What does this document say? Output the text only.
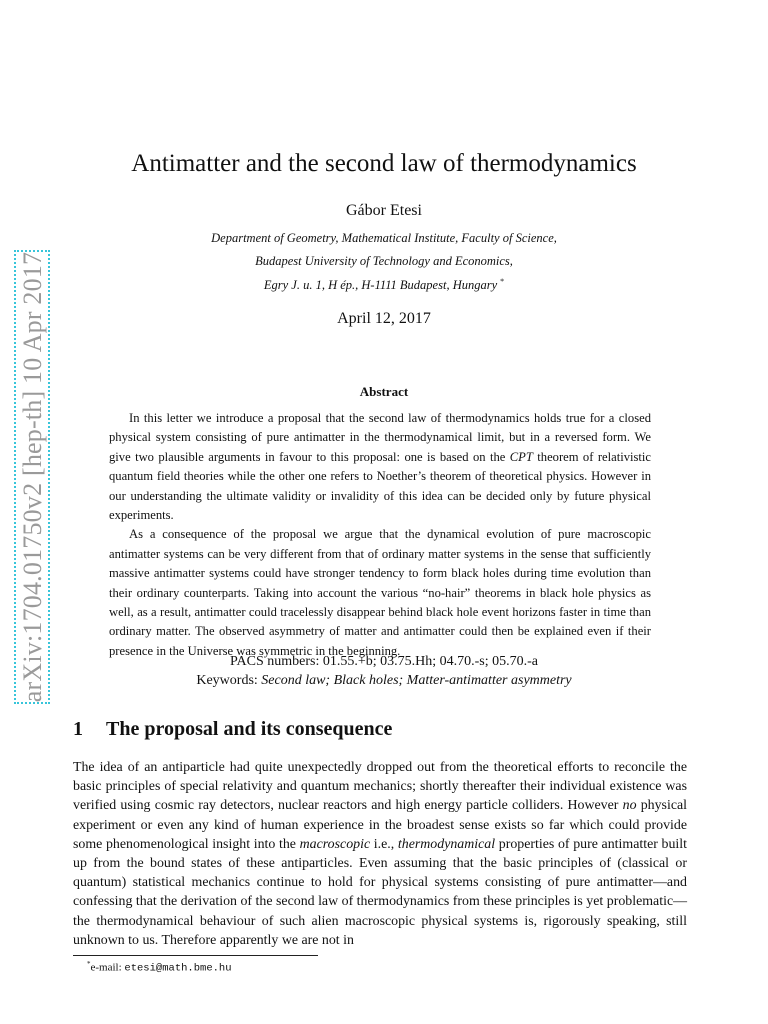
arXiv:1704.01750v2 [hep-th] 10 Apr 2017
Antimatter and the second law of thermodynamics
Gábor Etesi
Department of Geometry, Mathematical Institute, Faculty of Science,
Budapest University of Technology and Economics,
Egry J. u. 1, H ép., H-1111 Budapest, Hungary *
April 12, 2017
Abstract

In this letter we introduce a proposal that the second law of thermodynamics holds true for a closed physical system consisting of pure antimatter in the thermodynamical limit, but in a reversed form. We give two plausible arguments in favour to this proposal: one is based on the CPT theorem of relativistic quantum field theories while the other one refers to Noether’s theorem of theoretical physics. However in our understanding the ultimate validity or invalidity of this idea can be decided only by future physical experiments.

As a consequence of the proposal we argue that the dynamical evolution of pure macroscopic antimatter systems can be very different from that of ordinary matter systems in the sense that sufficiently massive antimatter systems could have stronger tendency to form black holes during time evolution than their ordinary counterparts. Taking into account the various “no-hair” theorems in black hole physics as well, as a result, antimatter could tracelessly disappear behind black hole event horizons faster in time than ordinary matter. The observed asymmetry of matter and antimatter could then be explained even if their presence in the Universe was symmetric in the beginning.

PACS numbers: 01.55.+b; 03.75.Hh; 04.70.-s; 05.70.-a
Keywords: Second law; Black holes; Matter-antimatter asymmetry
1 The proposal and its consequence
The idea of an antiparticle had quite unexpectedly dropped out from the theoretical efforts to reconcile the basic principles of special relativity and quantum mechanics; shortly thereafter their individual existence was verified using cosmic ray detectors, nuclear reactors and high energy particle colliders. However no physical experiment or even any kind of human experience in the broadest sense exists so far which could provide some phenomenological insight into the macroscopic i.e., thermodynamical properties of pure antimatter built up from the bound states of these antiparticles. Even assuming that the basic principles of (classical or quantum) statistical mechanics continue to hold for physical systems consisting of pure antimatter—and confessing that the derivation of the second law of thermodynamics from these principles is yet problematic—the thermodynamical behaviour of such alien macroscopic physical systems is, rigorously speaking, still unknown to us. Therefore apparently we are not in
*e-mail: etesi@math.bme.hu
